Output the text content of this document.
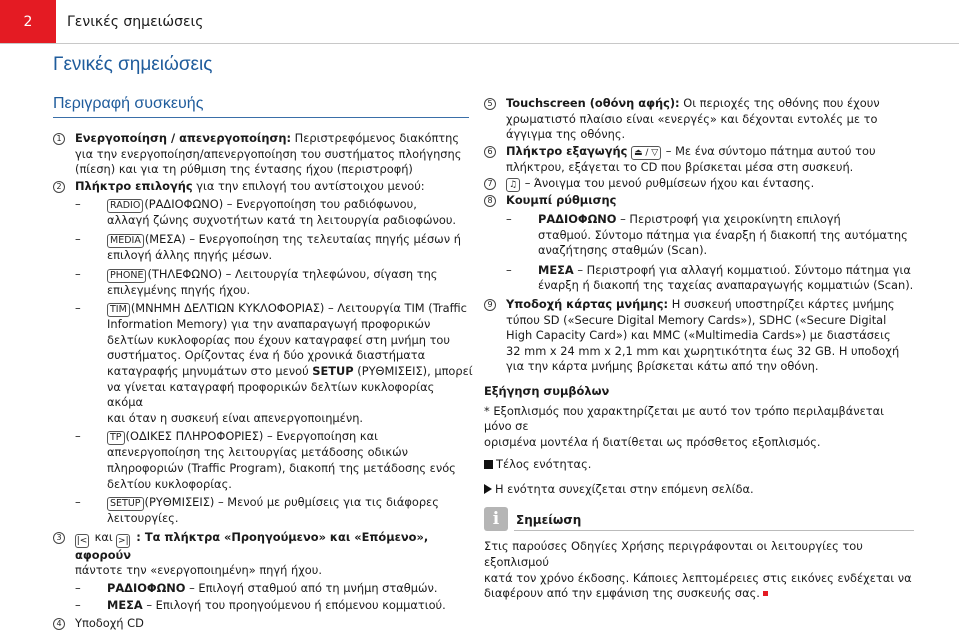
2	Γενικές σημειώσεις
Γενικές σημειώσεις
Περιγραφή συσκευής
1	Ενεργοποίηση / απενεργοποίηση: Περιστρεφόμενος διακόπτης
για την ενεργοποίηση/απενεργοποίηση του συστήματος πλοήγησης
(πίεση) και για τη ρύθμιση της έντασης ήχου (περιστροφή)
2	Πλήκτρο επιλογής για την επιλογή του αντίστοιχου μενού:
–	RADIO (ΡΑΔΙΟΦΩΝΟ) – Ενεργοποίηση του ραδιόφωνου,
αλλαγή ζώνης συχνοτήτων κατά τη λειτουργία ραδιοφώνου.
–	MEDIA (ΜΕΣΑ) – Ενεργοποίηση της τελευταίας πηγής μέσων ή
επιλογή άλλης πηγής μέσων.
–	PHONE (ΤΗΛΕΦΩΝΟ) – Λειτουργία τηλεφώνου, σίγαση της
επιλεγμένης πηγής ήχου.
–	TIM (ΜΝΗΜΗ ΔΕΛΤΙΩΝ ΚΥΚΛΟΦΟΡΙΑΣ) – Λειτουργία TIM (Traffic
Information Memory) για την αναπαραγωγή προφορικών
δελτίων κυκλοφορίας που έχουν καταγραφεί στη μνήμη του
συστήματος. Ορίζοντας ένα ή δύο χρονικά διαστήματα
καταγραφής μηνυμάτων στο μενού SETUP (ΡΥΘΜΙΣΕΙΣ), μπορεί
να γίνεται καταγραφή προφορικών δελτίων κυκλοφορίας ακόμα
και όταν η συσκευή είναι απενεργοποιημένη.
–	TP (ΟΔΙΚΕΣ ΠΛΗΡΟΦΟΡΙΕΣ) – Ενεργοποίηση και
απενεργοποίηση της λειτουργίας μετάδοσης οδικών
πληροφοριών (Traffic Program), διακοπή της μετάδοσης ενός
δελτίου κυκλοφορίας.
–	SETUP (ΡΥΘΜΙΣΕΙΣ) – Μενού με ρυθμίσεις για τις διάφορες
λειτουργίες.
3	|< και >| : Τα πλήκτρα «Προηγούμενο» και «Επόμενο», αφορούν
πάντοτε την «ενεργοποιημένη» πηγή ήχου.
– ΡΑΔΙΟΦΩΝΟ – Επιλογή σταθμού από τη μνήμη σταθμών.
– ΜΕΣΑ – Επιλογή του προηγούμενου ή επόμενου κομματιού.
4	Υποδοχή CD
5	Touchscreen (οθόνη αφής): Οι περιοχές της οθόνης που έχουν
χρωματιστό πλαίσιο είναι «ενεργές» και δέχονται εντολές με το
άγγιγμα της οθόνης.
6	Πλήκτρο εξαγωγής ⏏ / ▽ – Με ένα σύντομο πάτημα αυτού του
πλήκτρου, εξάγεται το CD που βρίσκεται μέσα στη συσκευή.
7	♫ – Άνοιγμα του μενού ρυθμίσεων ήχου και έντασης.
8	Κουμπί ρύθμισης
– ΡΑΔΙΟΦΩΝΟ – Περιστροφή για χειροκίνητη επιλογή
σταθμού. Σύντομο πάτημα για έναρξη ή διακοπή της αυτόματης
αναζήτησης σταθμών (Scan).
– ΜΕΣΑ – Περιστροφή για αλλαγή κομματιού. Σύντομο πάτημα για
έναρξη ή διακοπή της ταχείας αναπαραγωγής κομματιών (Scan).
9	Υποδοχή κάρτας μνήμης: Η συσκευή υποστηρίζει κάρτες μνήμης
τύπου SD («Secure Digital Memory Cards»), SDHC («Secure Digital
High Capacity Card») και MMC («Multimedia Cards») με διαστάσεις
32 mm x 24 mm x 2,1 mm και χωρητικότητα έως 32 GB. Η υποδοχή
για την κάρτα μνήμης βρίσκεται κάτω από την οθόνη.
Εξήγηση συμβόλων
* Εξοπλισμός που χαρακτηρίζεται με αυτό τον τρόπο περιλαμβάνεται μόνο σε
ορισμένα μοντέλα ή διατίθεται ως πρόσθετος εξοπλισμός.
Τέλος ενότητας.
Η ενότητα συνεχίζεται στην επόμενη σελίδα.
i	Σημείωση
Στις παρούσες Οδηγίες Χρήσης περιγράφονται οι λειτουργίες του εξοπλισμού
κατά τον χρόνο έκδοσης. Κάποιες λεπτομέρειες στις εικόνες ενδέχεται να
διαφέρουν από την εμφάνιση της συσκευής σας.
